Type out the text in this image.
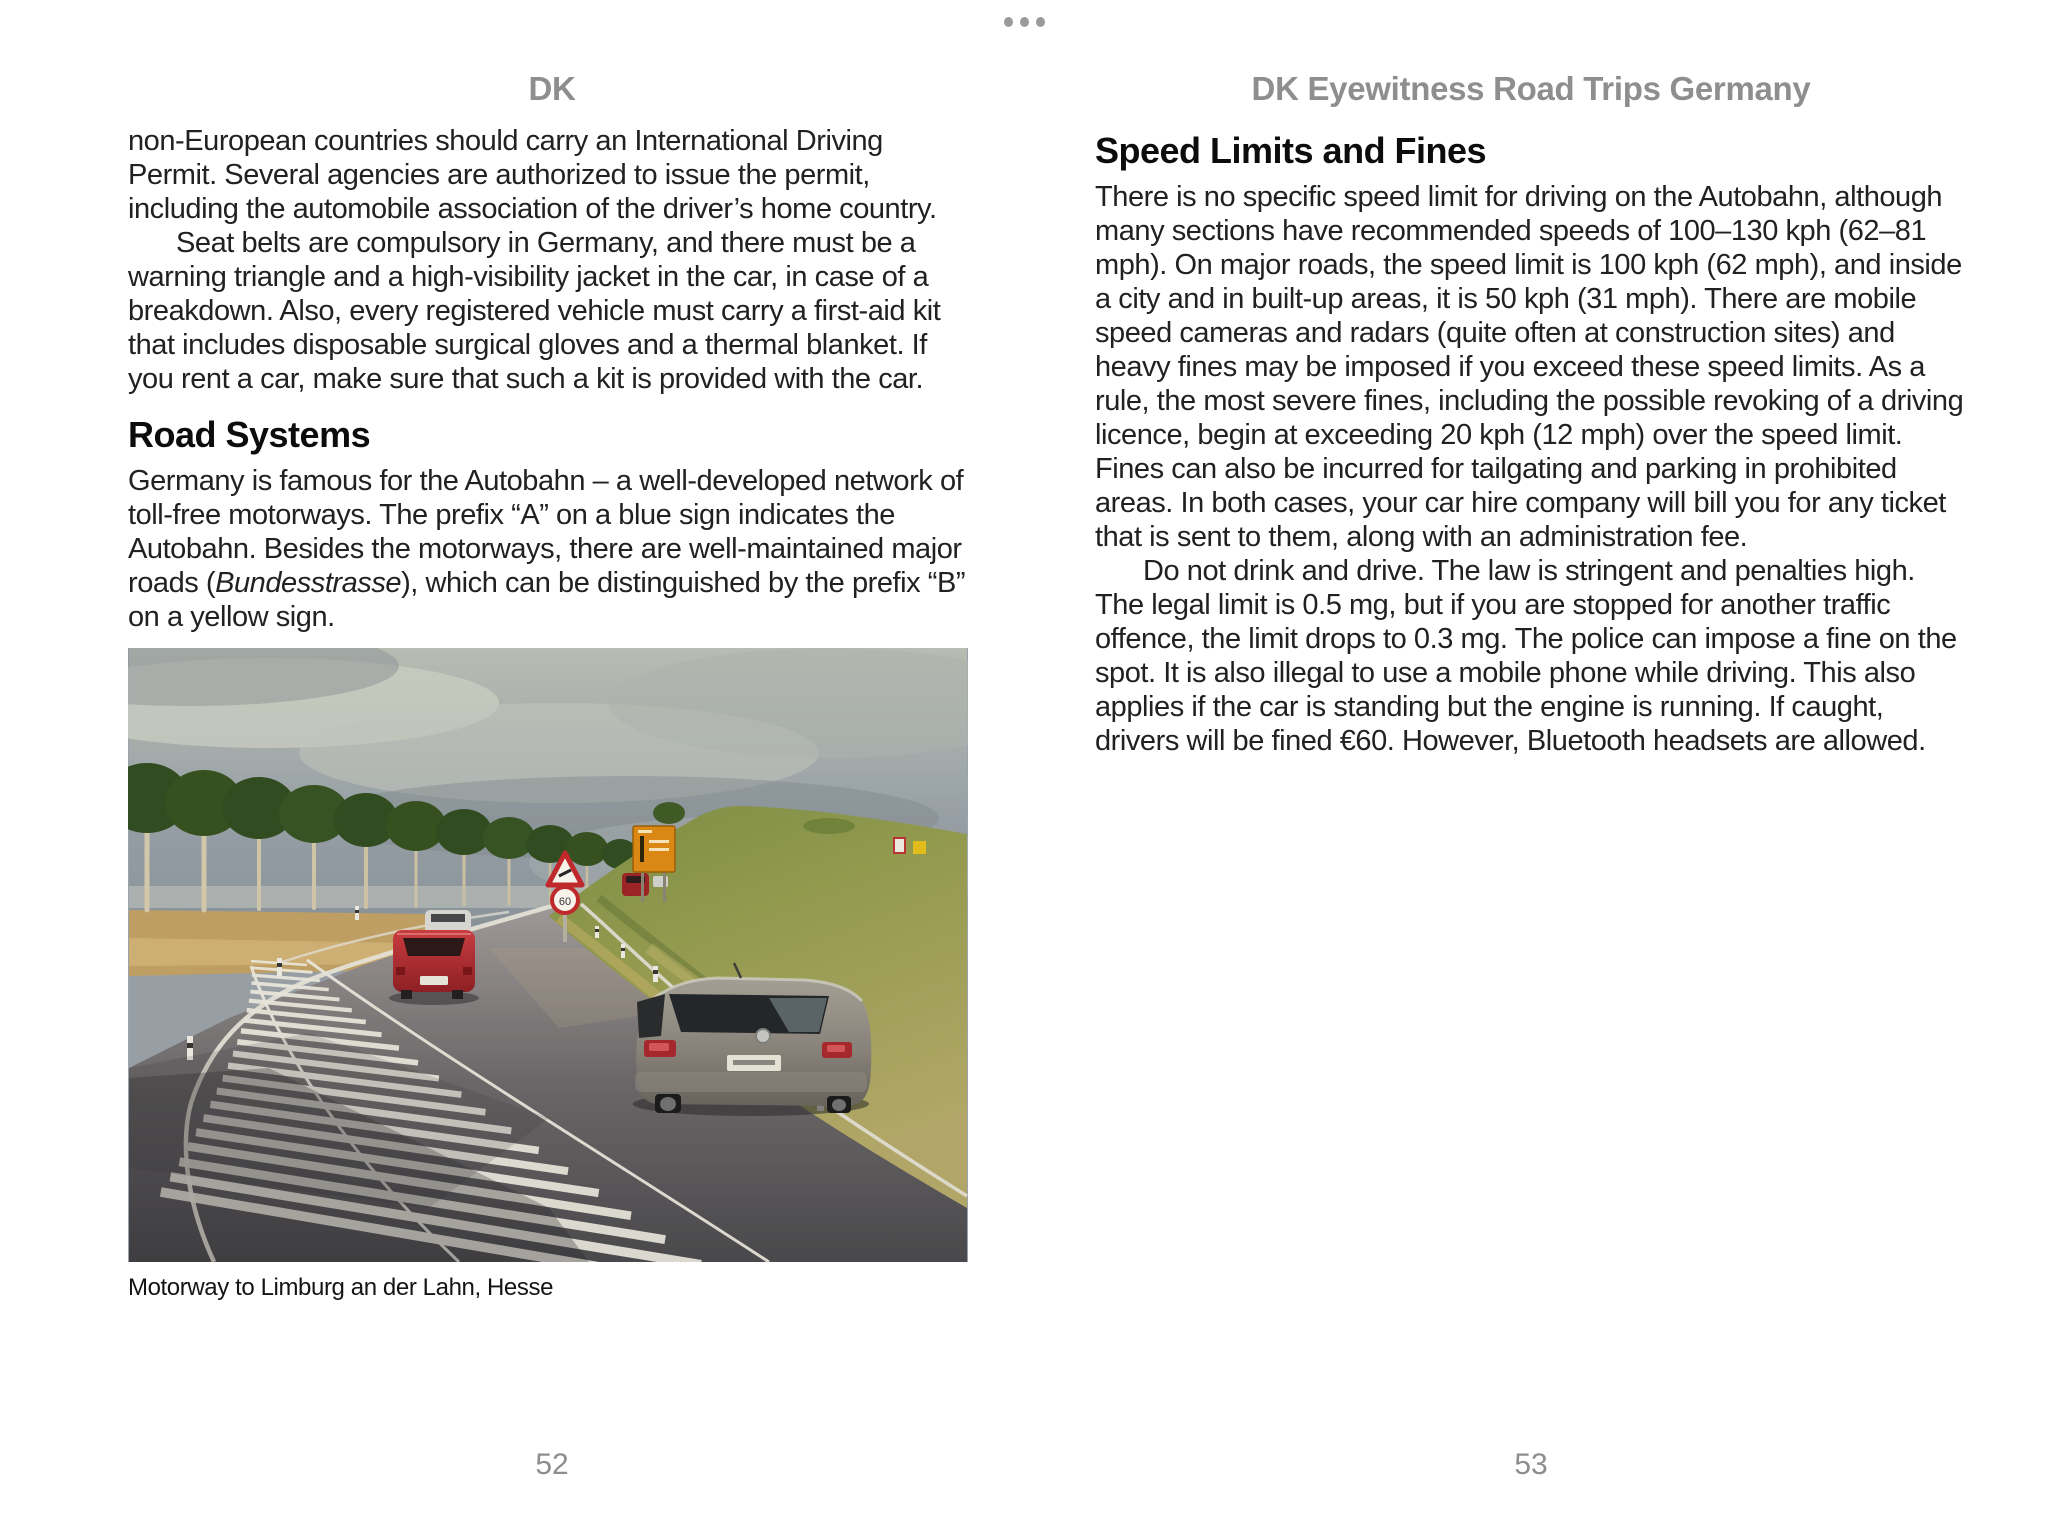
DK

non-European countries should carry an International Driving Permit. Several agencies are authorized to issue the permit, including the automobile association of the driver’s home country.

Seat belts are compulsory in Germany, and there must be a warning triangle and a high-visibility jacket in the car, in case of a breakdown. Also, every registered vehicle must carry a first-aid kit that includes disposable surgical gloves and a thermal blanket. If you rent a car, make sure that such a kit is provided with the car.

Road Systems

Germany is famous for the Autobahn – a well-developed network of toll-free motorways. The prefix “A” on a blue sign indicates the Autobahn. Besides the motorways, there are well-maintained major roads (Bundesstrasse), which can be distinguished by the prefix “B” on a yellow sign.

60
Motorway to Limburg an der Lahn, Hesse
52
DK Eyewitness Road Trips Germany
Speed Limits and Fines

There is no specific speed limit for driving on the Autobahn, although many sections have recommended speeds of 100–130 kph (62–81 mph). On major roads, the speed limit is 100 kph (62 mph), and inside a city and in built-up areas, it is 50 kph (31 mph). There are mobile speed cameras and radars (quite often at construction sites) and heavy fines may be imposed if you exceed these speed limits. As a rule, the most severe fines, including the possible revoking of a driving licence, begin at exceeding 20 kph (12 mph) over the speed limit. Fines can also be incurred for tailgating and parking in prohibited areas. In both cases, your car hire company will bill you for any ticket that is sent to them, along with an administration fee.

Do not drink and drive. The law is stringent and penalties high. The legal limit is 0.5 mg, but if you are stopped for another traffic offence, the limit drops to 0.3 mg. The police can impose a fine on the spot. It is also illegal to use a mobile phone while driving. This also applies if the car is standing but the engine is running. If caught, drivers will be fined €60. However, Bluetooth headsets are allowed.

53
